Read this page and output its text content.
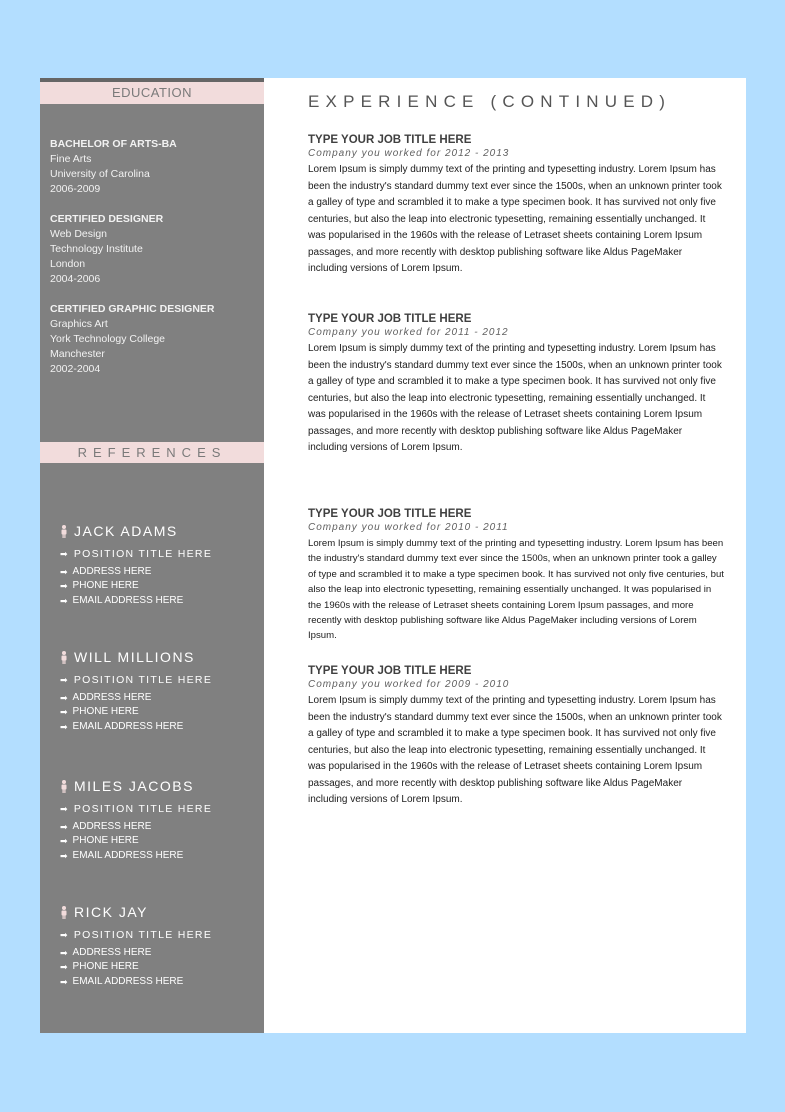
EDUCATION
BACHELOR OF ARTS-BA
Fine Arts
University of Carolina
2006-2009
CERTIFIED DESIGNER
Web Design
Technology Institute
London
2004-2006
CERTIFIED GRAPHIC DESIGNER
Graphics Art
York Technology College
Manchester
2002-2004
REFERENCES
JACK ADAMS
➡ POSITION TITLE HERE
➡ ADDRESS HERE
➡ PHONE HERE
➡ EMAIL ADDRESS HERE
WILL MILLIONS
➡ POSITION TITLE HERE
➡ ADDRESS HERE
➡ PHONE HERE
➡ EMAIL ADDRESS HERE
MILES JACOBS
➡ POSITION TITLE HERE
➡ ADDRESS HERE
➡ PHONE HERE
➡ EMAIL ADDRESS HERE
RICK JAY
➡ POSITION TITLE HERE
➡ ADDRESS HERE
➡ PHONE HERE
➡ EMAIL ADDRESS HERE
EXPERIENCE (CONTINUED)
TYPE YOUR JOB TITLE HERE
Company you worked for 2012 - 2013
Lorem Ipsum is simply dummy text of the printing and typesetting industry. Lorem Ipsum has been the industry's standard dummy text ever since the 1500s, when an unknown printer took a galley of type and scrambled it to make a type specimen book. It has survived not only five centuries, but also the leap into electronic typesetting, remaining essentially unchanged. It was popularised in the 1960s with the release of Letraset sheets containing Lorem Ipsum passages, and more recently with desktop publishing software like Aldus PageMaker including versions of Lorem Ipsum.
TYPE YOUR JOB TITLE HERE
Company you worked for 2011 - 2012
Lorem Ipsum is simply dummy text of the printing and typesetting industry. Lorem Ipsum has been the industry's standard dummy text ever since the 1500s, when an unknown printer took a galley of type and scrambled it to make a type specimen book. It has survived not only five centuries, but also the leap into electronic typesetting, remaining essentially unchanged. It was popularised in the 1960s with the release of Letraset sheets containing Lorem Ipsum passages, and more recently with desktop publishing software like Aldus PageMaker including versions of Lorem Ipsum.
TYPE YOUR JOB TITLE HERE
Company you worked for 2010 - 2011
Lorem Ipsum is simply dummy text of the printing and typesetting industry. Lorem Ipsum has been the industry's standard dummy text ever since the 1500s, when an unknown printer took a galley of type and scrambled it to make a type specimen book. It has survived not only five centuries, but also the leap into electronic typesetting, remaining essentially unchanged. It was popularised in the 1960s with the release of Letraset sheets containing Lorem Ipsum passages, and more recently with desktop publishing software like Aldus PageMaker including versions of Lorem Ipsum.
TYPE YOUR JOB TITLE HERE
Company you worked for 2009 - 2010
Lorem Ipsum is simply dummy text of the printing and typesetting industry. Lorem Ipsum has been the industry's standard dummy text ever since the 1500s, when an unknown printer took a galley of type and scrambled it to make a type specimen book. It has survived not only five centuries, but also the leap into electronic typesetting, remaining essentially unchanged. It was popularised in the 1960s with the release of Letraset sheets containing Lorem Ipsum passages, and more recently with desktop publishing software like Aldus PageMaker including versions of Lorem Ipsum.
